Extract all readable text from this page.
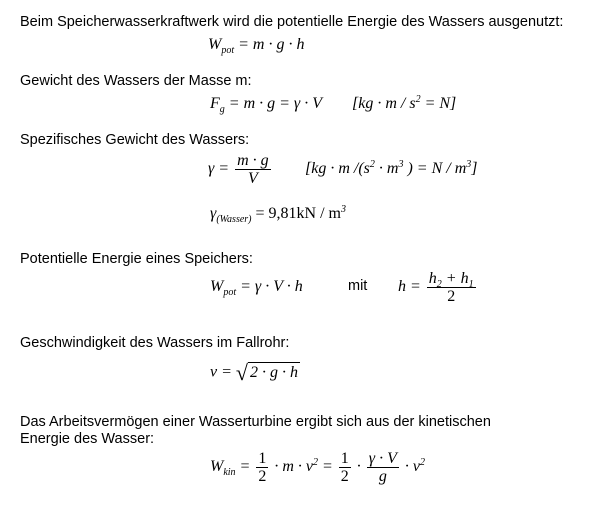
Beim Speicherwasserkraftwerk wird die potentielle Energie des Wassers ausgenutzt:
$W_{pot} = m \cdot g \cdot h$
Gewicht des Wassers der Masse m:
$F_g = m \cdot g = \gamma \cdot V$ $[kg \cdot m / s^2 = N]$
Spezifisches Gewicht des Wassers:
$\gamma = \frac{m \cdot g}{V} [kg \cdot m$ $/(s^2 \cdot m^3$ ) = N / $m^3$]
$\gamma_{(Wasser)} = 9,81kN / m^3$
Potentielle Energie eines Speichers:
$W_{pot} = \gamma \cdot V \cdot h$	mit $h = \frac{h_2 + h_1}{2}$
Geschwindigkeit des Wassers im Fallrohr:
v = √ 2 · g · h
Das Arbeitsvermögen einer Wasserturbine ergibt sich aus der kinetischen
Energie des Wasser:
$W_{kin} = \frac{1}{2} \cdot m \cdot v^2 = \frac{1}{2} \cdot \frac{\gamma \cdot V}{g} \cdot v^2$
